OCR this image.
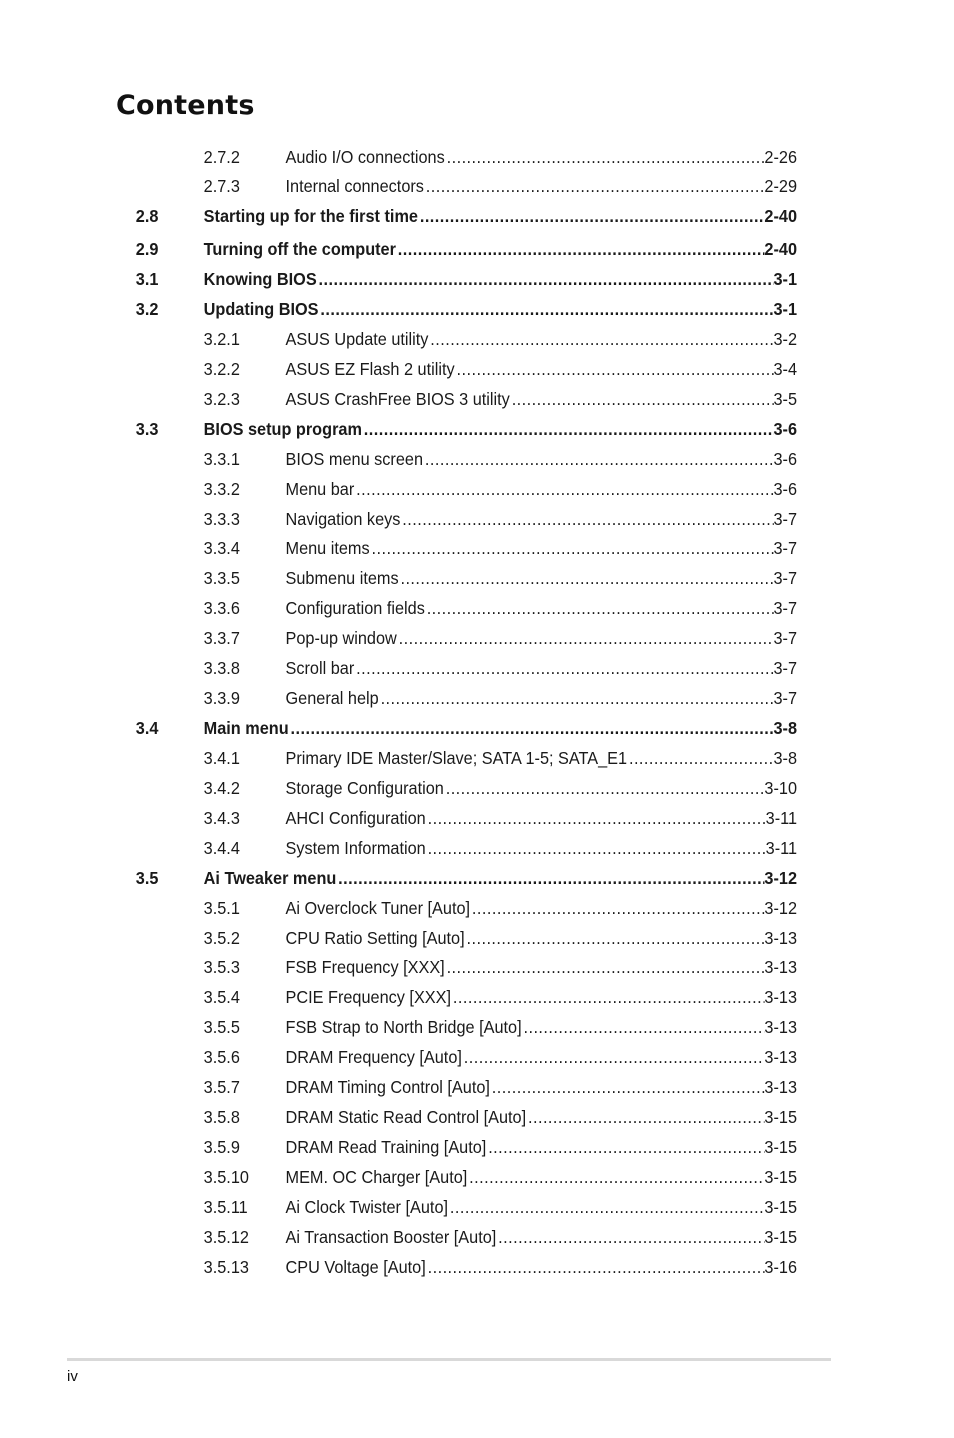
Contents
2.7.2	Audio I/O connections .....	2-26
2.7.3	Internal connectors .....	2-29
2.8	Starting up for the first time .....	2-40
2.9	Turning off the computer .....	2-40
3.1	Knowing BIOS .....	3-1
3.2	Updating BIOS .....	3-1
3.2.1	ASUS Update utility .....	3-2
3.2.2	ASUS EZ Flash 2 utility .....	3-4
3.2.3	ASUS CrashFree BIOS 3 utility .....	3-5
3.3	BIOS setup program .....	3-6
3.3.1	BIOS menu screen .....	3-6
3.3.2	Menu bar .....	3-6
3.3.3	Navigation keys .....	3-7
3.3.4	Menu items .....	3-7
3.3.5	Submenu items .....	3-7
3.3.6	Configuration fields .....	3-7
3.3.7	Pop-up window .....	3-7
3.3.8	Scroll bar .....	3-7
3.3.9	General help .....	3-7
3.4	Main menu .....	3-8
3.4.1	Primary IDE Master/Slave; SATA 1-5; SATA_E1 .....	3-8
3.4.2	Storage Configuration .....	3-10
3.4.3	AHCI Configuration .....	3-11
3.4.4	System Information .....	3-11
3.5	Ai Tweaker menu .....	3-12
3.5.1	Ai Overclock Tuner [Auto] .....	3-12
3.5.2	CPU Ratio Setting [Auto] .....	3-13
3.5.3	FSB Frequency [XXX] .....	3-13
3.5.4	PCIE Frequency [XXX] .....	3-13
3.5.5	FSB Strap to North Bridge [Auto] .....	3-13
3.5.6	DRAM Frequency [Auto] .....	3-13
3.5.7	DRAM Timing Control [Auto] .....	3-13
3.5.8	DRAM Static Read Control [Auto] .....	3-15
3.5.9	DRAM Read Training [Auto] .....	3-15
3.5.10 MEM. OC Charger [Auto] .....	3-15
3.5.11 Ai Clock Twister [Auto] .....	3-15
3.5.12 Ai Transaction Booster [Auto] .....	3-15
3.5.13 CPU Voltage [Auto] .....	3-16
iv
